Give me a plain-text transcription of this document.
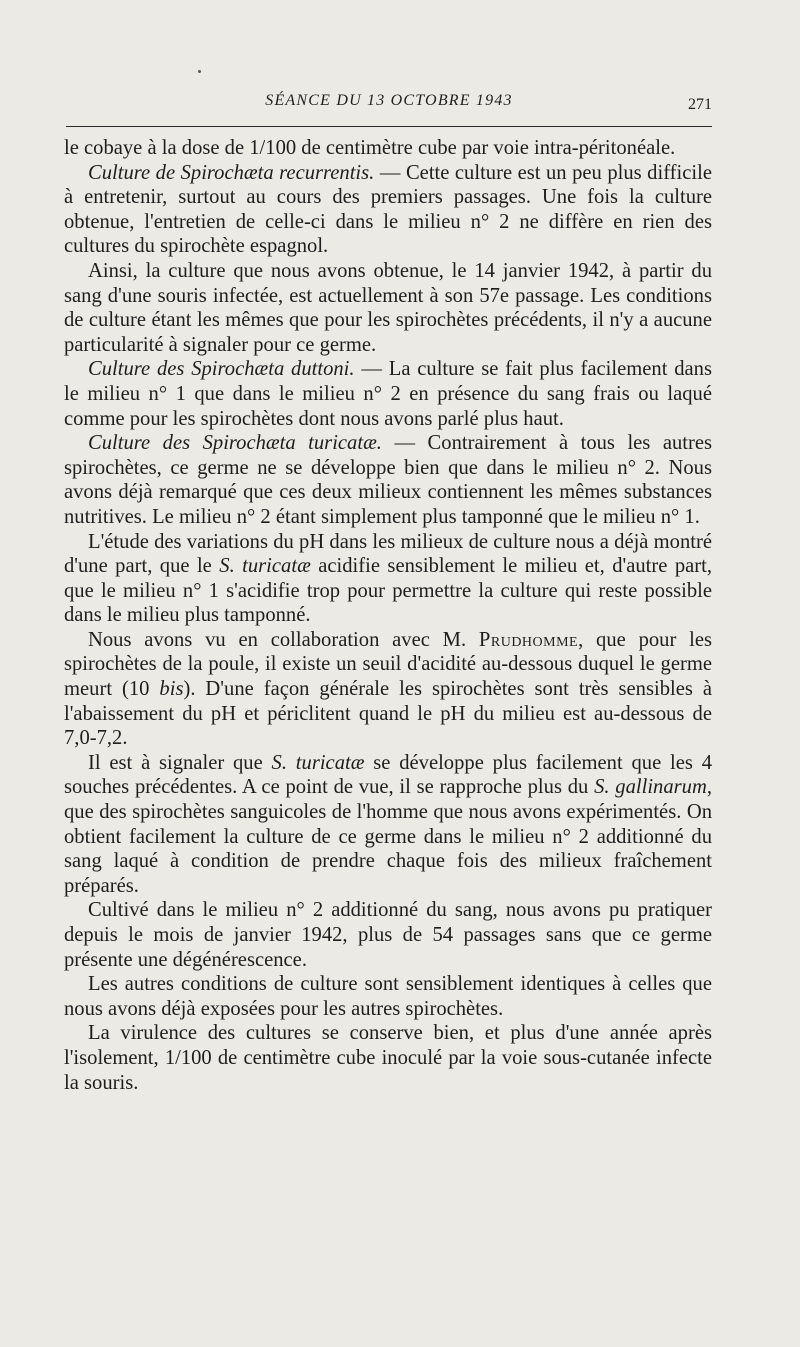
SÉANCE DU 13 OCTOBRE 1943	271

le cobaye à la dose de 1/100 de centimètre cube par voie intra-péritonéale.

Culture de Spirochæta recurrentis. — Cette culture est un peu plus difficile à entretenir, surtout au cours des premiers passages. Une fois la culture obtenue, l'entretien de celle-ci dans le milieu n° 2 ne diffère en rien des cultures du spirochète espagnol.

Ainsi, la culture que nous avons obtenue, le 14 janvier 1942, à partir du sang d'une souris infectée, est actuellement à son 57e passage. Les conditions de culture étant les mêmes que pour les spirochètes précédents, il n'y a aucune particularité à signaler pour ce germe.

Culture des Spirochæta duttoni. — La culture se fait plus facilement dans le milieu n° 1 que dans le milieu n° 2 en présence du sang frais ou laqué comme pour les spirochètes dont nous avons parlé plus haut.

Culture des Spirochæta turicatæ. — Contrairement à tous les autres spirochètes, ce germe ne se développe bien que dans le milieu n° 2. Nous avons déjà remarqué que ces deux milieux contiennent les mêmes substances nutritives. Le milieu n° 2 étant simplement plus tamponné que le milieu n° 1.

L'étude des variations du pH dans les milieux de culture nous a déjà montré d'une part, que le S. turicatæ acidifie sensiblement le milieu et, d'autre part, que le milieu n° 1 s'acidifie trop pour permettre la culture qui reste possible dans le milieu plus tamponné.

Nous avons vu en collaboration avec M. Prudhomme, que pour les spirochètes de la poule, il existe un seuil d'acidité au-dessous duquel le germe meurt (10 bis). D'une façon générale les spirochètes sont très sensibles à l'abaissement du pH et périclitent quand le pH du milieu est au-dessous de 7,0-7,2.

Il est à signaler que S. turicatæ se développe plus facilement que les 4 souches précédentes. A ce point de vue, il se rapproche plus du S. gallinarum, que des spirochètes sanguicoles de l'homme que nous avons expérimentés. On obtient facilement la culture de ce germe dans le milieu n° 2 additionné du sang laqué à condition de prendre chaque fois des milieux fraîchement préparés.

Cultivé dans le milieu n° 2 additionné du sang, nous avons pu pratiquer depuis le mois de janvier 1942, plus de 54 passages sans que ce germe présente une dégénérescence.

Les autres conditions de culture sont sensiblement identiques à celles que nous avons déjà exposées pour les autres spirochètes.

La virulence des cultures se conserve bien, et plus d'une année après l'isolement, 1/100 de centimètre cube inoculé par la voie sous-cutanée infecte la souris.
